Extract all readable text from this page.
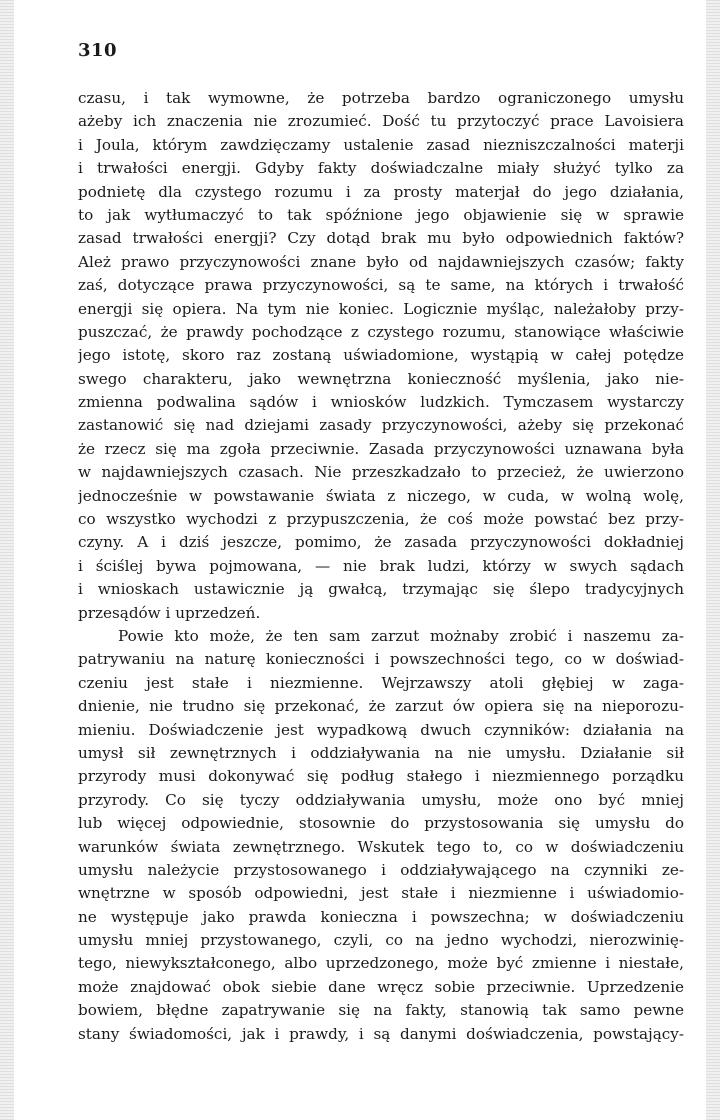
310
czasu, i tak wymowne, że potrzeba bardzo ograniczonego umysłu
ażeby ich znaczenia nie zrozumieć. Dość tu przytoczyć prace Lavoisiera
i Joula, którym zawdzięczamy ustalenie zasad niezniszczalności materji
i trwałości energji. Gdyby fakty doświadczalne miały służyć tylko za
podnietę dla czystego rozumu i za prosty materjał do jego działania,
to jak wytłumaczyć to tak spóźnione jego objawienie się w sprawie
zasad trwałości energji? Czy dotąd brak mu było odpowiednich faktów?
Ależ prawo przyczynowości znane było od najdawniejszych czasów; fakty
zaś, dotyczące prawa przyczynowości, są te same, na których i trwałość
energji się opiera. Na tym nie koniec. Logicznie myśląc, należałoby przy-
puszczać, że prawdy pochodzące z czystego rozumu, stanowiące właściwie
jego istotę, skoro raz zostaną uświadomione, wystąpią w całej potędze
swego charakteru, jako wewnętrzna konieczność myślenia, jako nie-
zmienna podwalina sądów i wniosków ludzkich. Tymczasem wystarczy
zastanowić się nad dziejami zasady przyczynowości, ażeby się przekonać
że rzecz się ma zgoła przeciwnie. Zasada przyczynowości uznawana była
w najdawniejszych czasach. Nie przeszkadzało to przecież, że uwierzono
jednocześnie w powstawanie świata z niczego, w cuda, w wolną wolę,
co wszystko wychodzi z przypuszczenia, że coś może powstać bez przy-
czyny. A i dziś jeszcze, pomimo, że zasada przyczynowości dokładniej
i ściślej bywa pojmowana, — nie brak ludzi, którzy w swych sądach
i wnioskach ustawicznie ją gwałcą, trzymając się ślepo tradycyjnych
przesądów i uprzedzeń.
Powie kto może, że ten sam zarzut możnaby zrobić i naszemu za-
patrywaniu na naturę konieczności i powszechności tego, co w doświad-
czeniu jest stałe i niezmienne. Wejrzawszy atoli głębiej w zaga-
dnienie, nie trudno się przekonać, że zarzut ów opiera się na nieporozu-
mieniu. Doświadczenie jest wypadkową dwuch czynników: działania na
umysł sił zewnętrznych i oddziaływania na nie umysłu. Działanie sił
przyrody musi dokonywać się podług stałego i niezmiennego porządku
przyrody. Co się tyczy oddziaływania umysłu, może ono być mniej
lub więcej odpowiednie, stosownie do przystosowania się umysłu do
warunków świata zewnętrznego. Wskutek tego to, co w doświadczeniu
umysłu należycie przystosowanego i oddziaływającego na czynniki ze-
wnętrzne w sposób odpowiedni, jest stałe i niezmienne i uświadomio-
ne występuje jako prawda konieczna i powszechna; w doświadczeniu
umysłu mniej przystowanego, czyli, co na jedno wychodzi, nierozwinię-
tego, niewykształconego, albo uprzedzonego, może być zmienne i niestałe,
może znajdować obok siebie dane wręcz sobie przeciwnie. Uprzedzenie
bowiem, błędne zapatrywanie się na fakty, stanowią tak samo pewne
stany świadomości, jak i prawdy, i są danymi doświadczenia, powstający-
